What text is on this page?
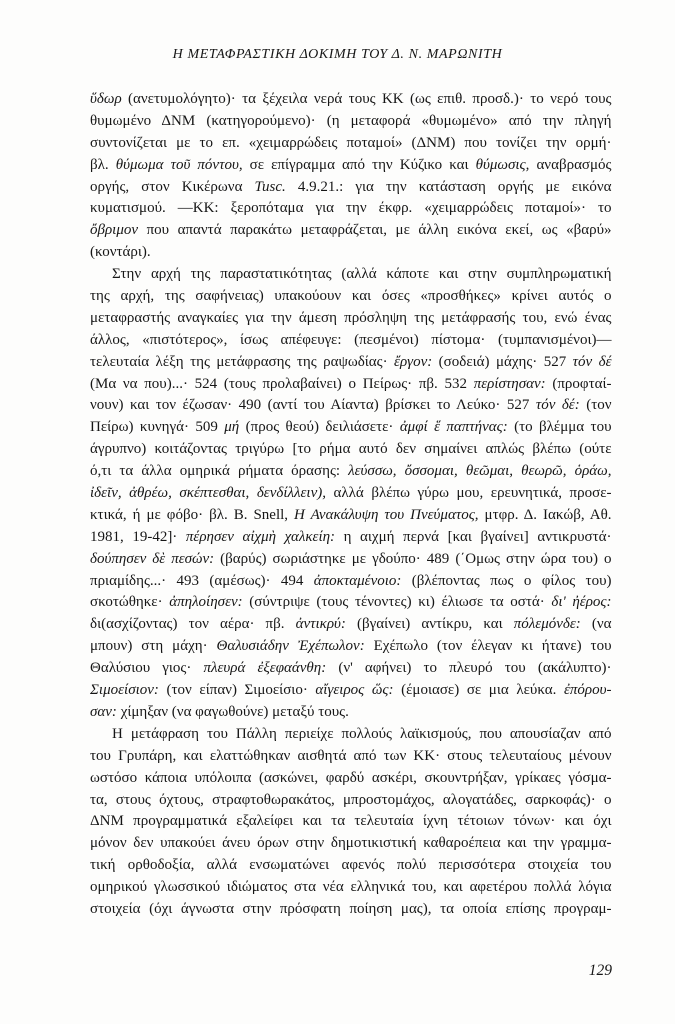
Η ΜΕΤΑΦΡΑΣΤΙΚΗ ΔΟΚΙΜΗ ΤΟΥ Δ. Ν. ΜΑΡΩΝΙΤΗ
ὕδωρ (ανετυμολόγητο)· τα ξέχειλα νερά τους ΚΚ (ως επιθ. προσδ.)· το νερό τους
θυμωμένο ΔΝΜ (κατηγορούμενο)· (η μεταφορά «θυμωμένο» από την πληγή
συντονίζεται με το επ. «χειμαρρώδεις ποταμοί» (ΔΝΜ) που τονίζει την ορμή·
βλ. θύμωμα τοῦ πόντου, σε επίγραμμα από την Κύζικο και θύμωσις, αναβρασμός
οργής, στον Κικέρωνα Tusc. 4.9.21.: για την κατάσταση οργής με εικόνα
κυματισμού. —ΚΚ: ξεροπόταμα για την έκφρ. «χειμαρρώδεις ποταμοί»· το
ὄβριμον που απαντά παρακάτω μεταφράζεται, με άλλη εικόνα εκεί, ως «βαρύ»
(κοντάρι).
Στην αρχή της παραστατικότητας (αλλά κάποτε και στην συμπληρωματική
της αρχή, της σαφήνειας) υπακούουν και όσες «προσθήκες» κρίνει αυτός ο
μεταφραστής αναγκαίες για την άμεση πρόσληψη της μετάφρασής του, ενώ ένας
άλλος, «πιστότερος», ίσως απέφευγε: (πεσμένοι) πίστομα· (τυμπανισμένοι)—
τελευταία λέξη της μετάφρασης της ραψωδίας· ἔργον: (σοδειά) μάχης· 527 τόν δέ
(Μα να που)...· 524 (τους προλαβαίνει) ο Πείρως· πβ. 532 περίστησαν: (προφταί-
νουν) και τον έζωσαν· 490 (αντί του Αίαντα) βρίσκει το Λεύκο· 527 τόν δέ: (τον
Πείρω) κυνηγά· 509 μή (προς θεού) δειλιάσετε· ἀμφί ἕ παπτήνας: (το βλέμμα του
άγρυπνο) κοιτάζοντας τριγύρω [το ρήμα αυτό δεν σημαίνει απλώς βλέπω (ούτε
ό,τι τα άλλα ομηρικά ρήματα όρασης: λεύσσω, ὄσσομαι, θεῶμαι, θεωρῶ, ὁράω,
ἰδεῖν, ἀθρέω, σκέπτεσθαι, δενδίλλειν), αλλά βλέπω γύρω μου, ερευνητικά, προσε-
κτικά, ή με φόβο· βλ. B. Snell, Η Ανακάλυψη του Πνεύματος, μτφρ. Δ. Ιακώβ, Αθ.
1981, 19-42]· πέρησεν αἰχμὴ χαλκείη: η αιχμή περνά [και βγαίνει] αντικρυστά·
δούπησεν δὲ πεσών: (βαρύς) σωριάστηκε με γδούπο· 489 (΄Ομως στην ώρα του) ο
πριαμίδης...· 493 (αμέσως)· 494 ἀποκταμένοιο: (βλέποντας πως ο φίλος του)
σκοτώθηκε· ἀπηλοίησεν: (σύντριψε (τους τένοντες) κι) έλιωσε τα οστά· δι' ἠέρος:
δι(ασχίζοντας) τον αέρα· πβ. ἀντικρύ: (βγαίνει) αντίκρυ, και πόλεμόνδε: (να
μπουν) στη μάχη· Θαλυσιάδην Ἐχέπωλον: Εχέπωλο (τον έλεγαν κι ήτανε) του
Θαλύσιου γιος· πλευρά ἐξεφαάνθη: (ν' αφήνει) το πλευρό του (ακάλυπτο)·
Σιμοείσιον: (τον είπαν) Σιμοείσιο· αἴγειρος ὥς: (έμοιασε) σε μια λεύκα. ἐπόρου-
σαν: χίμηξαν (να φαγωθούνε) μεταξύ τους.
Η μετάφραση του Πάλλη περιείχε πολλούς λαϊκισμούς, που απουσίαζαν από
του Γρυπάρη, και ελαττώθηκαν αισθητά από των ΚΚ· στους τελευταίους μένουν
ωστόσο κάποια υπόλοιπα (ασκώνει, φαρδύ ασκέρι, σκουντρήξαν, γρίκαες γόσμα-
τα, στους όχτους, στραφτοθωρακάτος, μπροστομάχος, αλογατάδες, σαρκοφάς)· ο
ΔΝΜ προγραμματικά εξαλείφει και τα τελευταία ίχνη τέτοιων τόνων· και όχι
μόνον δεν υπακούει άνευ όρων στην δημοτικιστική καθαροέπεια και την γραμμα-
τική ορθοδοξία, αλλά ενσωματώνει αφενός πολύ περισσότερα στοιχεία του
ομηρικού γλωσσικού ιδιώματος στα νέα ελληνικά του, και αφετέρου πολλά λόγια
στοιχεία (όχι άγνωστα στην πρόσφατη ποίηση μας), τα οποία επίσης προγραμ-
129
